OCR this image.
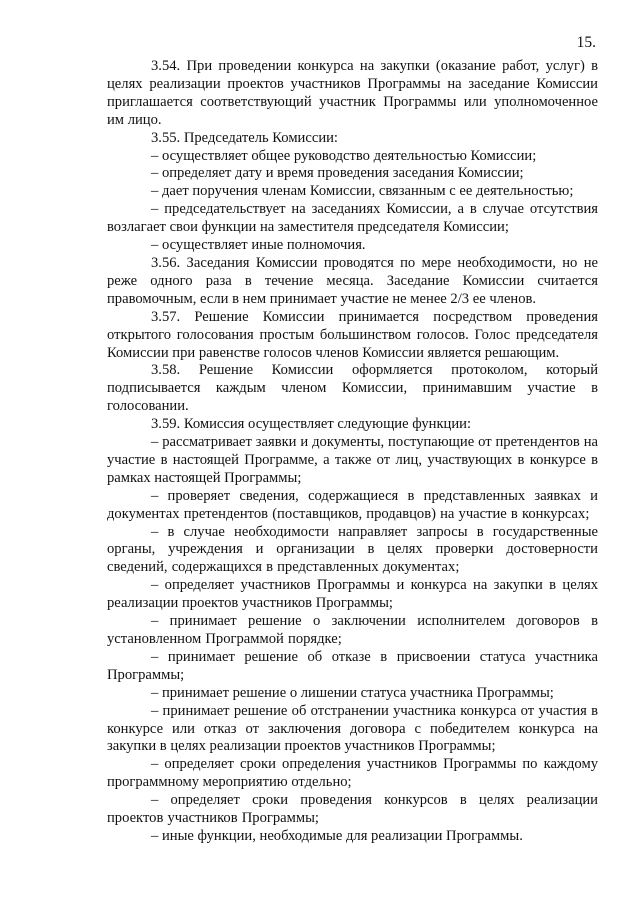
15.

3.54. При проведении конкурса на закупки (оказание работ, услуг) в целях реализации проектов участников Программы на заседание Комиссии приглашается соответствующий участник Программы или уполномоченное им лицо.

3.55. Председатель Комиссии:

– осуществляет общее руководство деятельностью Комиссии;

– определяет дату и время проведения заседания Комиссии;

– дает поручения членам Комиссии, связанным с ее деятельностью;

– председательствует на заседаниях Комиссии, а в случае отсутствия возлагает свои функции на заместителя председателя Комиссии;

– осуществляет иные полномочия.

3.56. Заседания Комиссии проводятся по мере необходимости, но не реже одного раза в течение месяца. Заседание Комиссии считается правомочным, если в нем принимает участие не менее 2/3 ее членов.

3.57. Решение Комиссии принимается посредством проведения открытого голосования простым большинством голосов. Голос председателя Комиссии при равенстве голосов членов Комиссии является решающим.

3.58. Решение Комиссии оформляется протоколом, который подписывается каждым членом Комиссии, принимавшим участие в голосовании.

3.59. Комиссия осуществляет следующие функции:

– рассматривает заявки и документы, поступающие от претендентов на участие в настоящей Программе, а также от лиц, участвующих в конкурсе в рамках настоящей Программы;

– проверяет сведения, содержащиеся в представленных заявках и документах претендентов (поставщиков, продавцов) на участие в конкурсах;

– в случае необходимости направляет запросы в государственные органы, учреждения и организации в целях проверки достоверности сведений, содержащихся в представленных документах;

– определяет участников Программы и конкурса на закупки в целях реализации проектов участников Программы;

– принимает решение о заключении исполнителем договоров в установленном Программой порядке;

– принимает решение об отказе в присвоении статуса участника Программы;

– принимает решение о лишении статуса участника Программы;

– принимает решение об отстранении участника конкурса от участия в конкурсе или отказ от заключения договора с победителем конкурса на закупки в целях реализации проектов участников Программы;

– определяет сроки определения участников Программы по каждому программному мероприятию отдельно;

– определяет сроки проведения конкурсов в целях реализации проектов участников Программы;

– иные функции, необходимые для реализации Программы.
